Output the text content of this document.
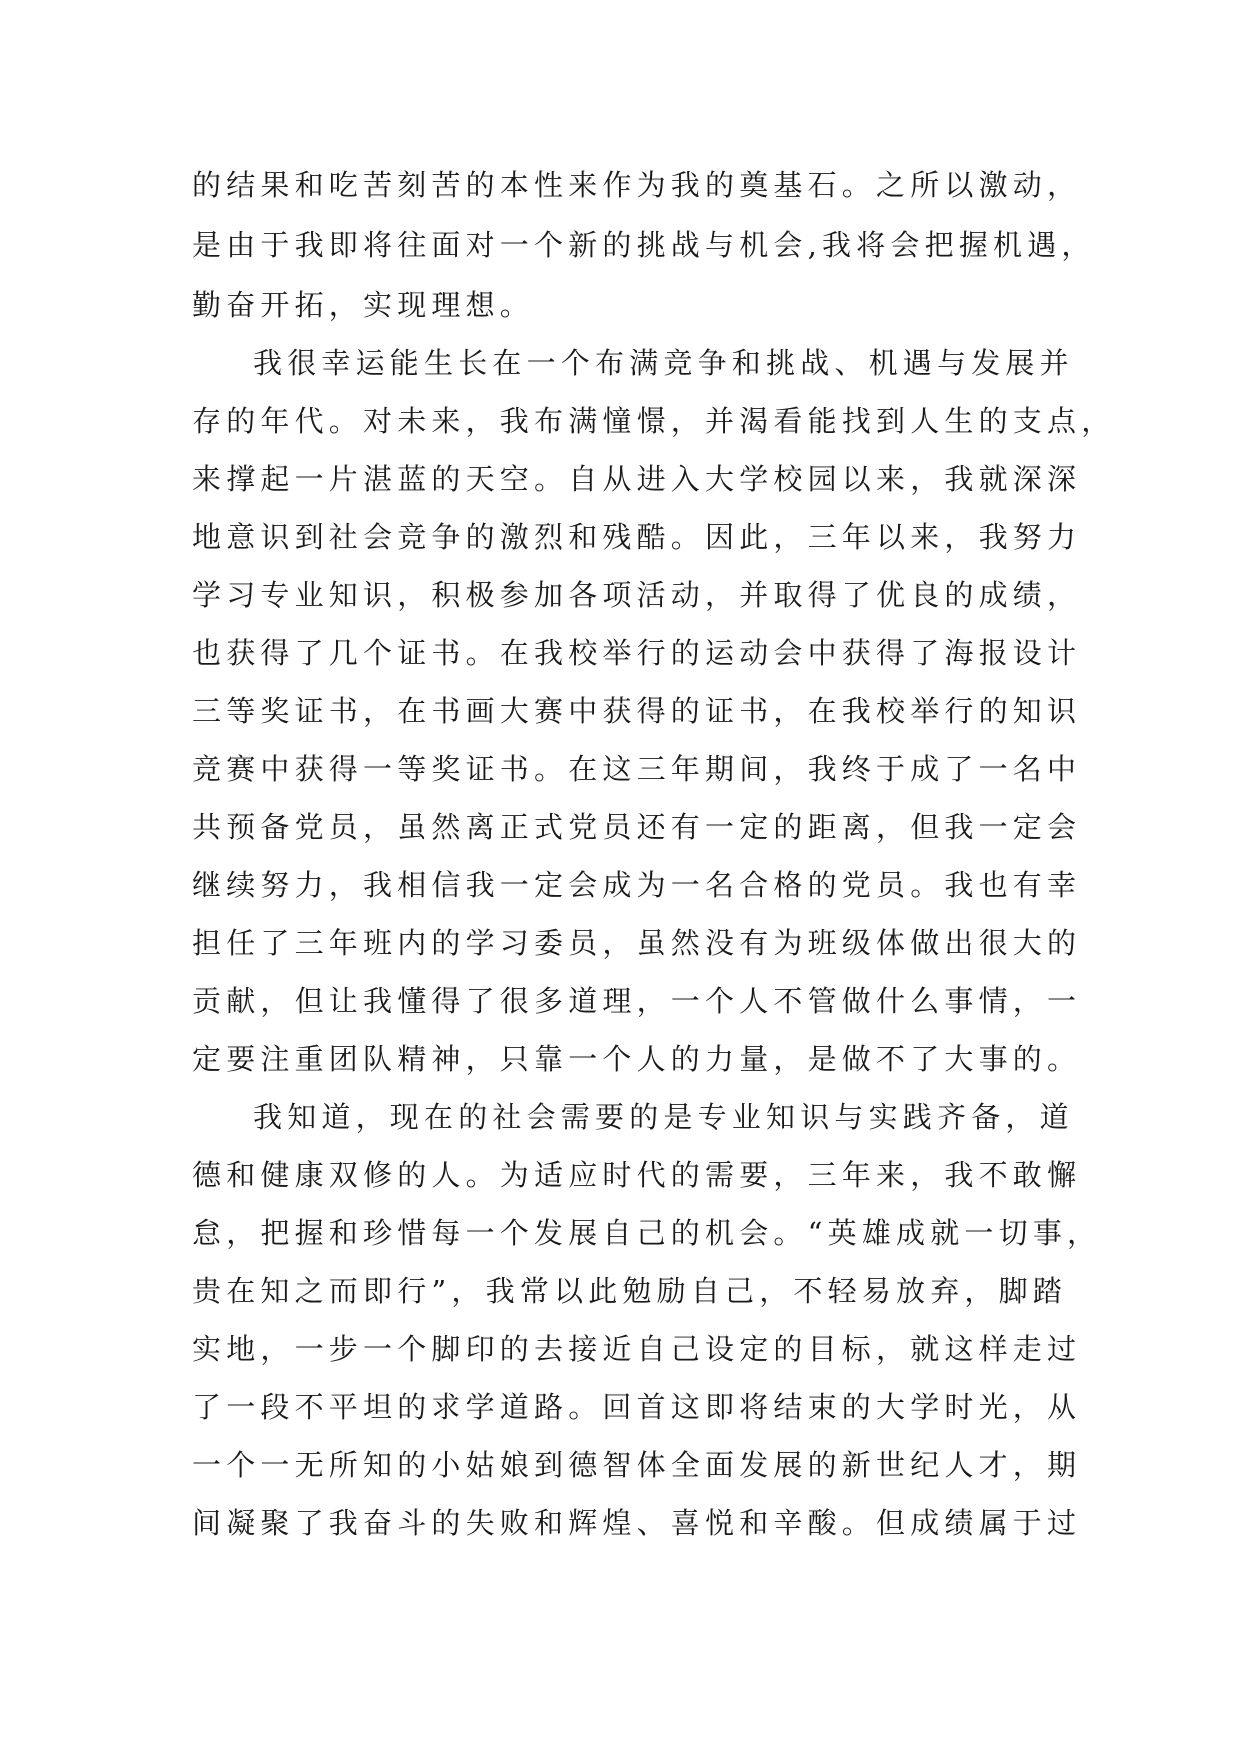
的结果和吃苦刻苦的本性来作为我的奠基石。之所以激动，
是由于我即将往面对一个新的挑战与机会,我将会把握机遇，
勤奋开拓，实现理想。
我很幸运能生长在一个布满竞争和挑战、机遇与发展并
存的年代。对未来，我布满憧憬，并渴看能找到人生的支点，
来撑起一片湛蓝的天空。自从进入大学校园以来，我就深深
地意识到社会竞争的激烈和残酷。因此，三年以来，我努力
学习专业知识，积极参加各项活动，并取得了优良的成绩，
也获得了几个证书。在我校举行的运动会中获得了海报设计
三等奖证书，在书画大赛中获得的证书，在我校举行的知识
竞赛中获得一等奖证书。在这三年期间，我终于成了一名中
共预备党员，虽然离正式党员还有一定的距离，但我一定会
继续努力，我相信我一定会成为一名合格的党员。我也有幸
担任了三年班内的学习委员，虽然没有为班级体做出很大的
贡献，但让我懂得了很多道理，一个人不管做什么事情，一
定要注重团队精神，只靠一个人的力量，是做不了大事的。
我知道，现在的社会需要的是专业知识与实践齐备，道
德和健康双修的人。为适应时代的需要，三年来，我不敢懈
怠，把握和珍惜每一个发展自己的机会。“英雄成就一切事，
贵在知之而即行”，我常以此勉励自己，不轻易放弃，脚踏
实地，一步一个脚印的去接近自己设定的目标，就这样走过
了一段不平坦的求学道路。回首这即将结束的大学时光，从
一个一无所知的小姑娘到德智体全面发展的新世纪人才，期
间凝聚了我奋斗的失败和辉煌、喜悦和辛酸。但成绩属于过
